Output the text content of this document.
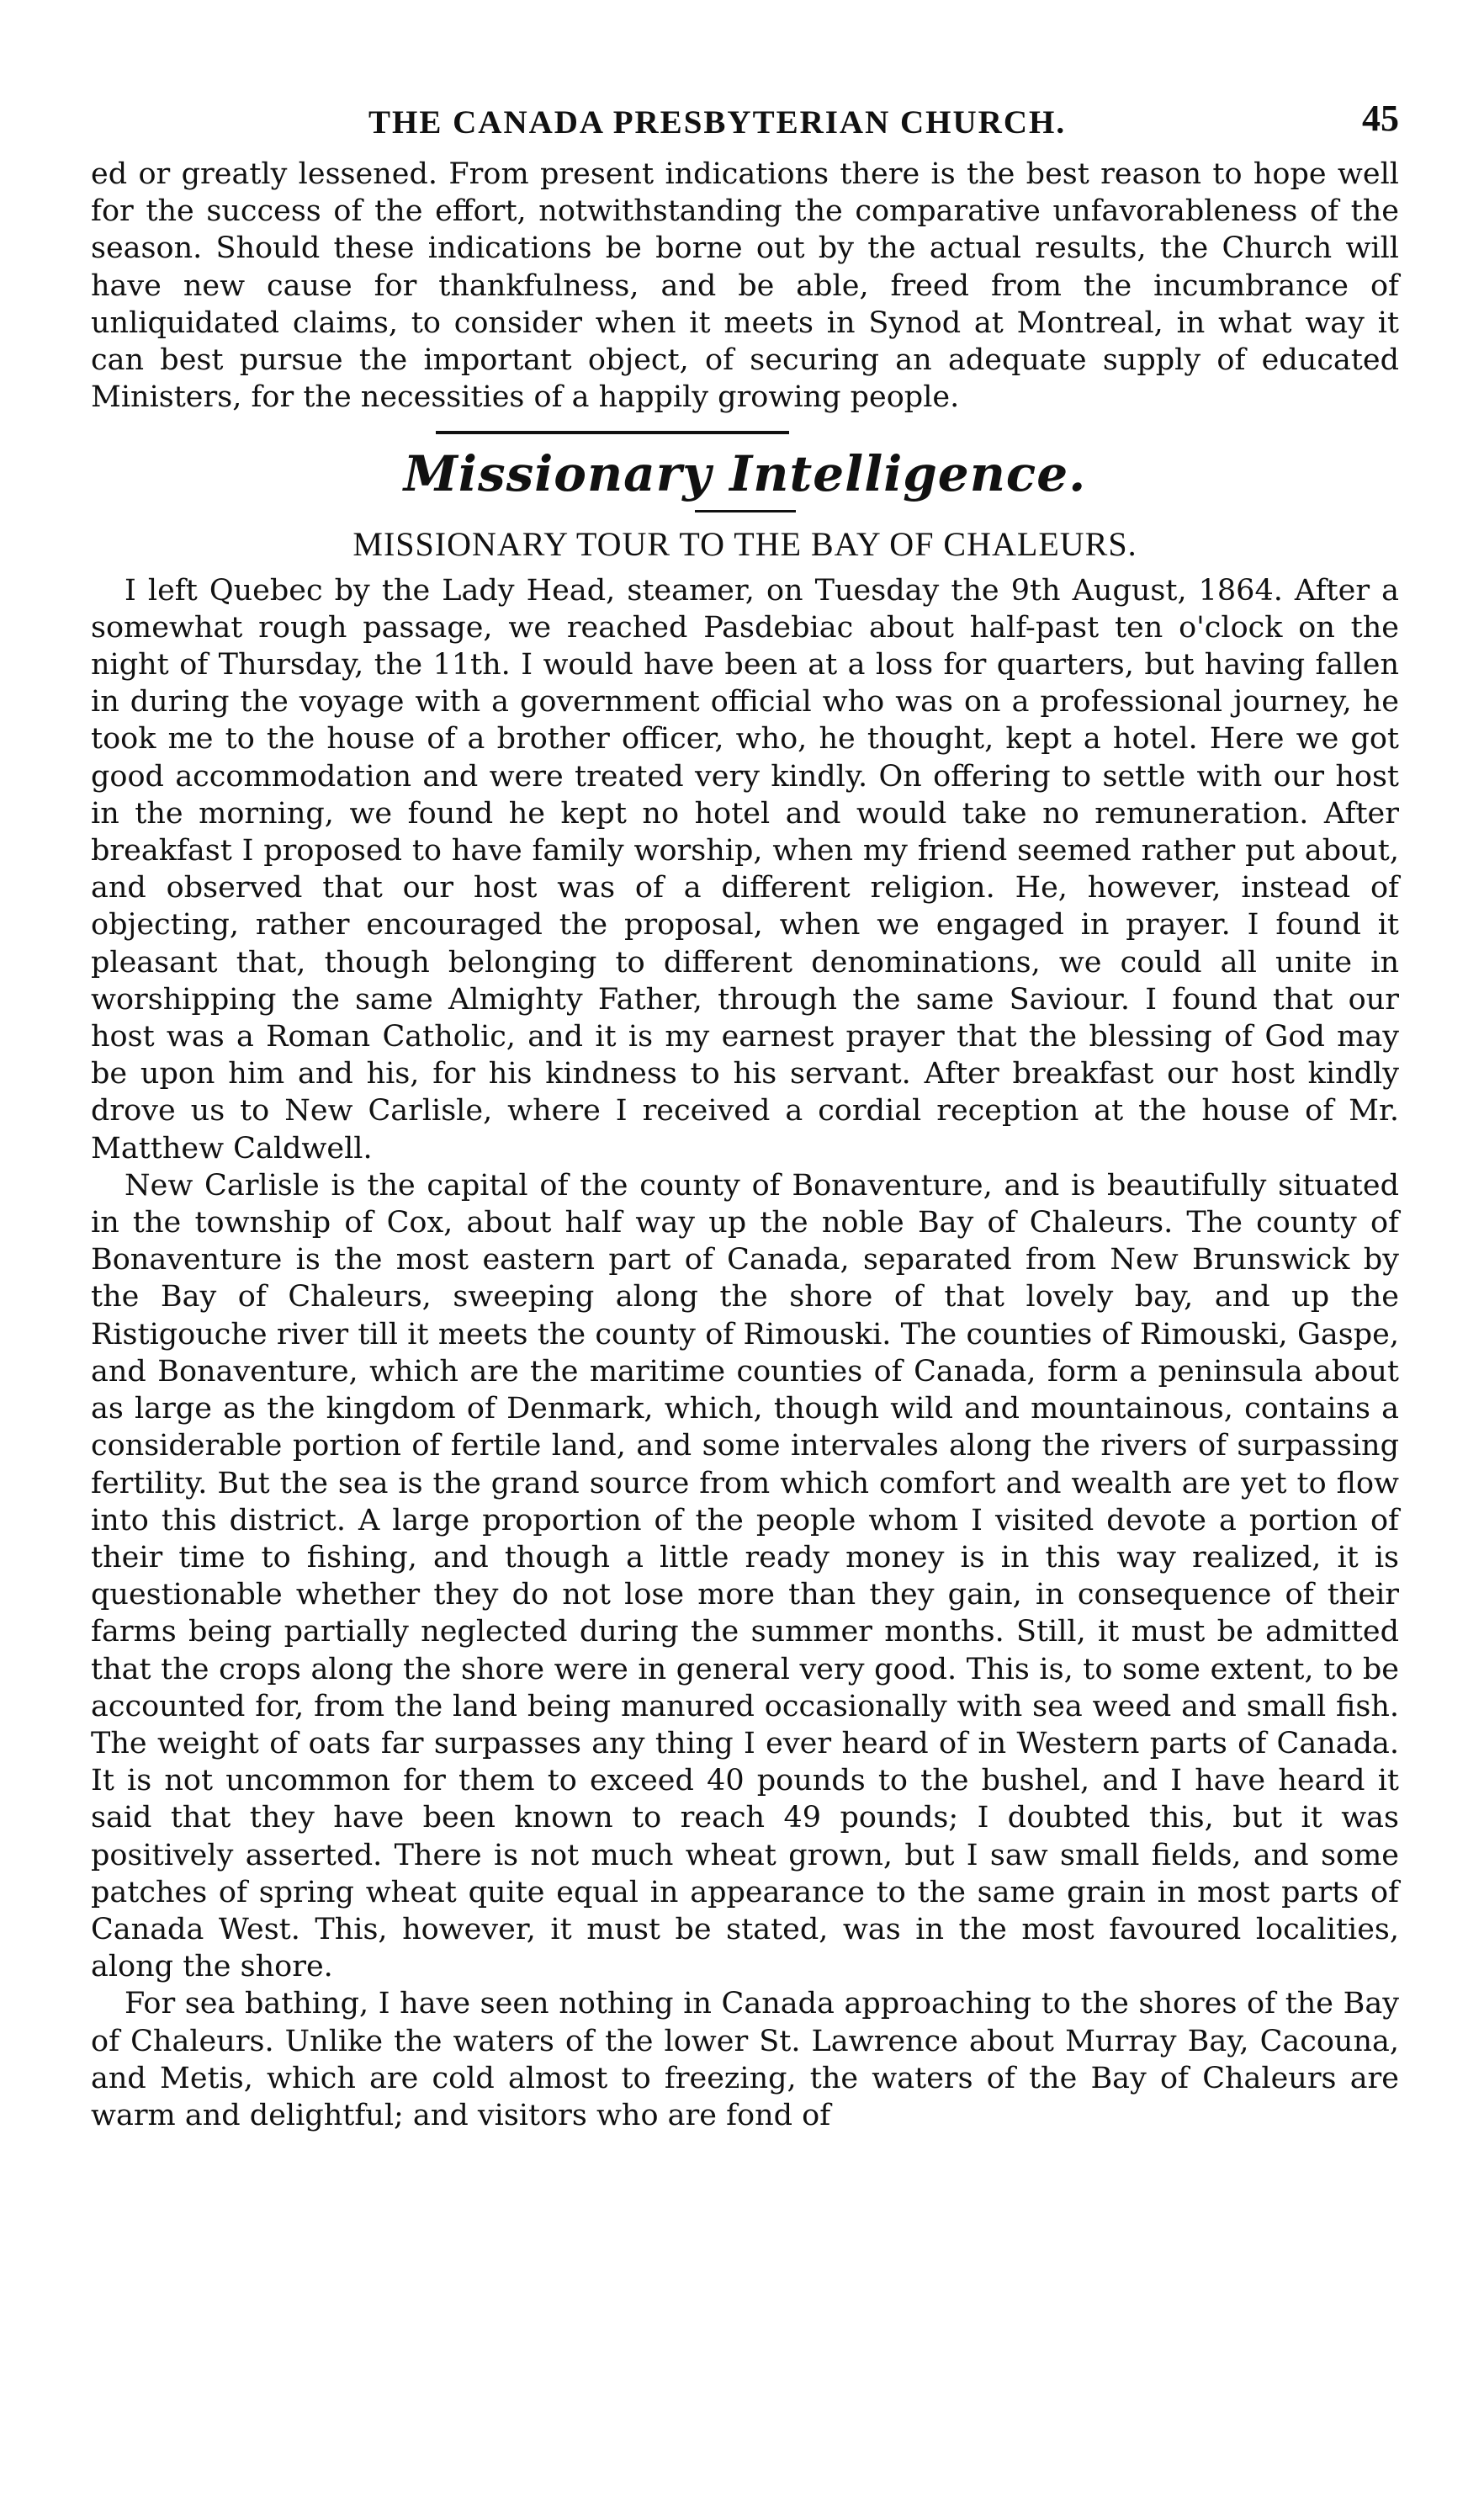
THE CANADA PRESBYTERIAN CHURCH.	45

ed or greatly lessened. From present indications there is the best reason to hope well for the success of the effort, notwithstanding the comparative unfavorableness of the season. Should these indications be borne out by the actual results, the Church will have new cause for thankfulness, and be able, freed from the incumbrance of unliquidated claims, to consider when it meets in Synod at Montreal, in what way it can best pursue the important object, of securing an adequate supply of educated Ministers, for the necessities of a happily growing people.

Missionary Intelligence.
MISSIONARY TOUR TO THE BAY OF CHALEURS.

I left Quebec by the Lady Head, steamer, on Tuesday the 9th August, 1864. After a somewhat rough passage, we reached Pasdebiac about half-past ten o'clock on the night of Thursday, the 11th. I would have been at a loss for quarters, but having fallen in during the voyage with a government official who was on a professional journey, he took me to the house of a brother officer, who, he thought, kept a hotel. Here we got good accommodation and were treated very kindly. On offering to settle with our host in the morning, we found he kept no hotel and would take no remuneration. After breakfast I proposed to have family worship, when my friend seemed rather put about, and observed that our host was of a different religion. He, however, instead of objecting, rather encouraged the proposal, when we engaged in prayer. I found it pleasant that, though belonging to different denominations, we could all unite in worshipping the same Almighty Father, through the same Saviour. I found that our host was a Roman Catholic, and it is my earnest prayer that the blessing of God may be upon him and his, for his kindness to his servant. After breakfast our host kindly drove us to New Carlisle, where I received a cordial reception at the house of Mr. Matthew Caldwell.

New Carlisle is the capital of the county of Bonaventure, and is beautifully situated in the township of Cox, about half way up the noble Bay of Chaleurs. The county of Bonaventure is the most eastern part of Canada, separated from New Brunswick by the Bay of Chaleurs, sweeping along the shore of that lovely bay, and up the Ristigouche river till it meets the county of Rimouski. The counties of Rimouski, Gaspe, and Bonaventure, which are the maritime counties of Canada, form a peninsula about as large as the kingdom of Denmark, which, though wild and mountainous, contains a considerable portion of fertile land, and some intervales along the rivers of surpassing fertility. But the sea is the grand source from which comfort and wealth are yet to flow into this district. A large proportion of the people whom I visited devote a portion of their time to fishing, and though a little ready money is in this way realized, it is questionable whether they do not lose more than they gain, in consequence of their farms being partially neglected during the summer months. Still, it must be admitted that the crops along the shore were in general very good. This is, to some extent, to be accounted for, from the land being manured occasionally with sea weed and small fish. The weight of oats far surpasses any thing I ever heard of in Western parts of Canada. It is not uncommon for them to exceed 40 pounds to the bushel, and I have heard it said that they have been known to reach 49 pounds; I doubted this, but it was positively asserted. There is not much wheat grown, but I saw small fields, and some patches of spring wheat quite equal in appearance to the same grain in most parts of Canada West. This, however, it must be stated, was in the most favoured localities, along the shore.

For sea bathing, I have seen nothing in Canada approaching to the shores of the Bay of Chaleurs. Unlike the waters of the lower St. Lawrence about Murray Bay, Cacouna, and Metis, which are cold almost to freezing, the waters of the Bay of Chaleurs are warm and delightful; and visitors who are fond of
